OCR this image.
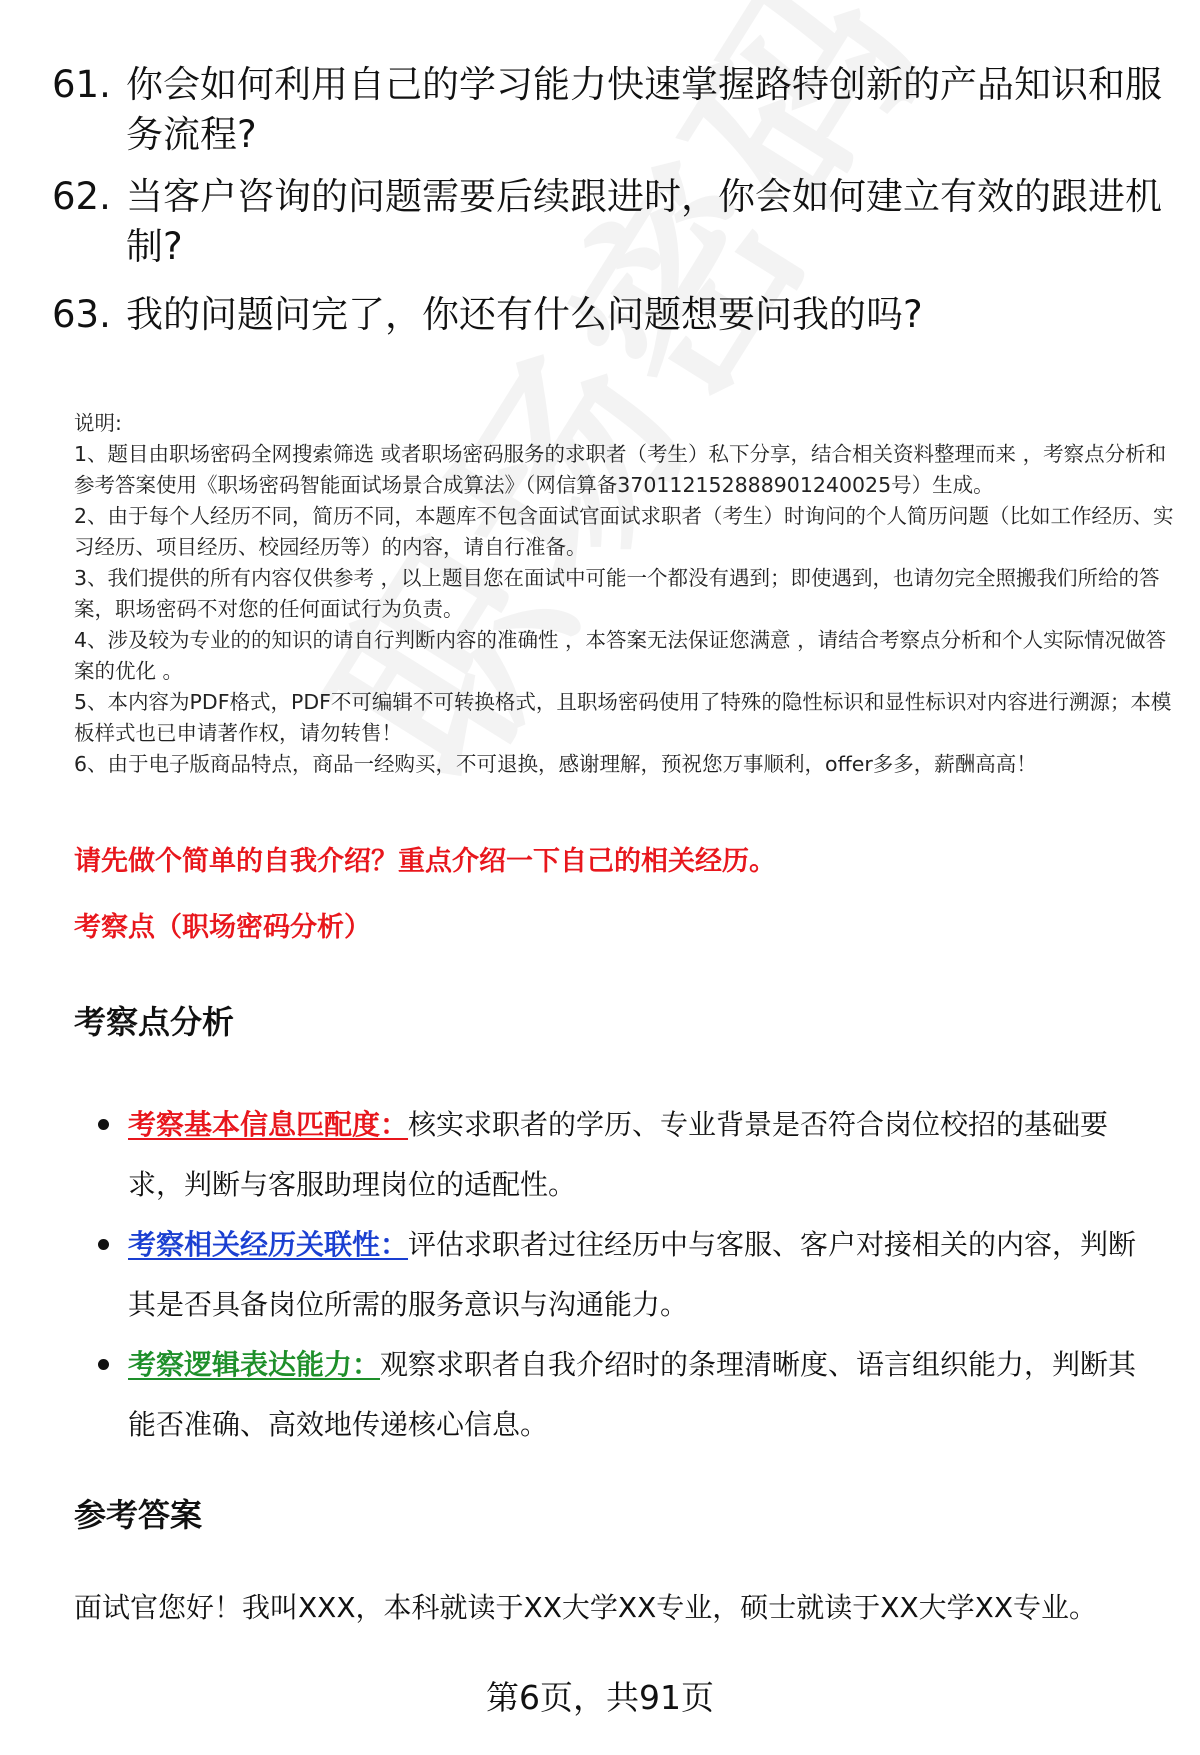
61. 你会如何利用自己的学习能力快速掌握路特创新的产品知识和服务流程?
62. 当客户咨询的问题需要后续跟进时，你会如何建立有效的跟进机制?
63. 我的问题问完了，你还有什么问题想要问我的吗?

说明:

1、题目由职场密码全网搜索筛选 或者职场密码服务的求职者（考生）私下分享，结合相关资料整理而来 ，考察点分析和参考答案使用《职场密码智能面试场景合成算法》（网信算备37011215288890124002​5号）生成。

2、由于每个人经历不同，简历不同，本题库不包含面试官面试求职者（考生）时询问的个人简历问题（比如工作经历、实习经历、项目经历、校园经历等）的内容，请自行准备。

3、我们提供的所有内容仅供参考 ，以上题目您在面试中可能一个都没有遇到；即使遇到，也请勿完全照搬我们所给的答案，职场密码不对您的任何面试行为负责。

4、涉及较为专业的的知识的请自行判断内容的准确性 ，本答案无法保证您满意 ，请结合考察点分析和个人实际情况做答案的优化 。

5、本内容为PDF格式，PDF不可编辑不可转换格式，且职场密码使用了特殊的隐性标识和显性标识对内容进行溯源；本模板样式也已申请著作权，请勿转售！

6、由于电子版商品特点，商品一经购买，不可退换，感谢理解，预祝您万事顺利，offer多多，薪酬高高！

请先做个简单的自我介绍？重点介绍一下自己的相关经历。
考察点（职场密码分析）
考察点分析
考察基本信息匹配度：核实求职者的学历、专业背景是否符合岗位校招的基础要求，判断与客服助理岗位的适配性。
考察相关经历关联性：评估求职者过往经历中与客服、客户对接相关的内容，判断其是否具备岗位所需的服务意识与沟通能力。
考察逻辑表达能力：观察求职者自我介绍时的条理清晰度、语言组织能力，判断其能否准确、高效地传递核心信息。
参考答案
面试官您好！我叫XXX，本科就读于XX大学XX专业，硕士就读于XX大学XX专业。
第6页，共91页
